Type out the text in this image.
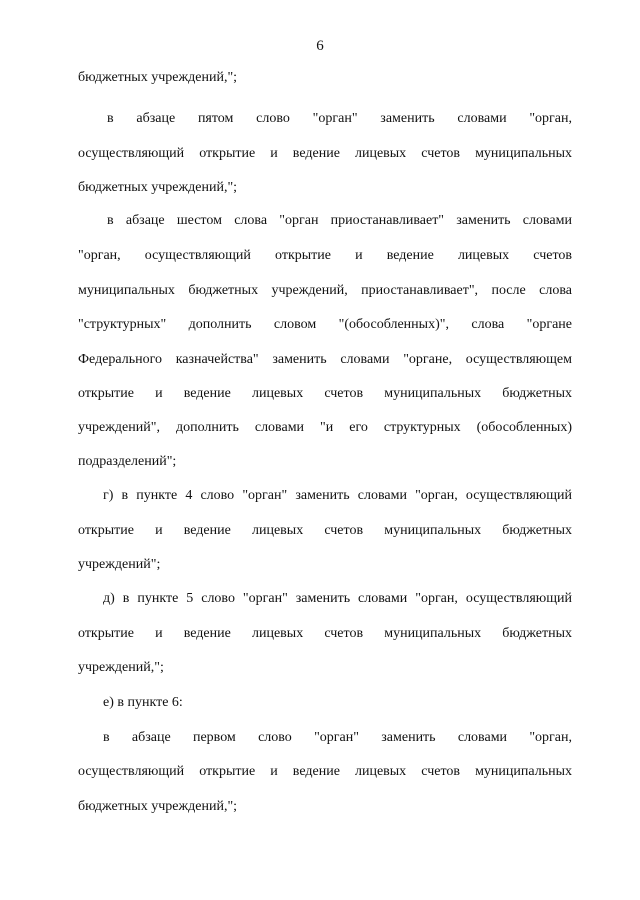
6
бюджетных учреждений,";
в абзаце пятом слово "орган" заменить словами "орган,
осуществляющий открытие и ведение лицевых счетов муниципальных
бюджетных учреждений,";
в абзаце шестом слова "орган приостанавливает" заменить словами
"орган, осуществляющий открытие и ведение лицевых счетов
муниципальных бюджетных учреждений, приостанавливает", после слова
"структурных" дополнить словом "(обособленных)", слова "органе
Федерального казначейства" заменить словами "органе, осуществляющем
открытие и ведение лицевых счетов муниципальных бюджетных
учреждений", дополнить словами "и его структурных (обособленных)
подразделений";
г) в пункте 4 слово "орган" заменить словами "орган, осуществляющий
открытие и ведение лицевых счетов муниципальных бюджетных
учреждений";
д) в пункте 5 слово "орган" заменить словами "орган, осуществляющий
открытие и ведение лицевых счетов муниципальных бюджетных
учреждений,";
е) в пункте 6:
в абзаце первом слово "орган" заменить словами "орган,
осуществляющий открытие и ведение лицевых счетов муниципальных
бюджетных учреждений,";
